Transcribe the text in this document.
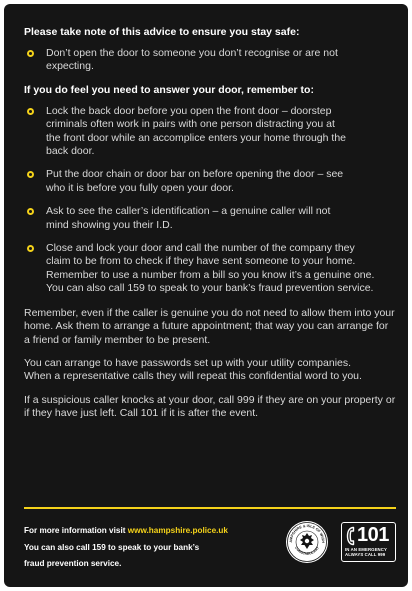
Please take note of this advice to ensure you stay safe:

Don’t open the door to someone you don’t recognise or are not expecting.

If you do feel you need to answer your door, remember to:

Lock the back door before you open the front door – doorstep criminals often work in pairs with one person distracting you at the front door while an accomplice enters your home through the back door.
Put the door chain or door bar on before opening the door – see who it is before you fully open your door.
Ask to see the caller’s identification – a genuine caller will not mind showing you their I.D.
Close and lock your door and call the number of the company they claim to be from to check if they have sent someone to your home. Remember to use a number from a bill so you know it’s a genuine one. You can also call 159 to speak to your bank’s fraud prevention service.

Remember, even if the caller is genuine you do not need to allow them into your home. Ask them to arrange a future appointment; that way you can arrange for a friend or family member to be present.

You can arrange to have passwords set up with your utility companies. When a representative calls they will repeat this confidential word to you.

If a suspicious caller knocks at your door, call 999 if they are on your property or if they have just left. Call 101 if it is after the event.

For more information visit www.hampshire.police.uk
You can also call 159 to speak to your bank’s
fraud prevention service.
AMPSHIRE & ISLE OF WIGH
CONSTABULARY
101
IN AN EMERGENCY
ALWAYS CALL 999
